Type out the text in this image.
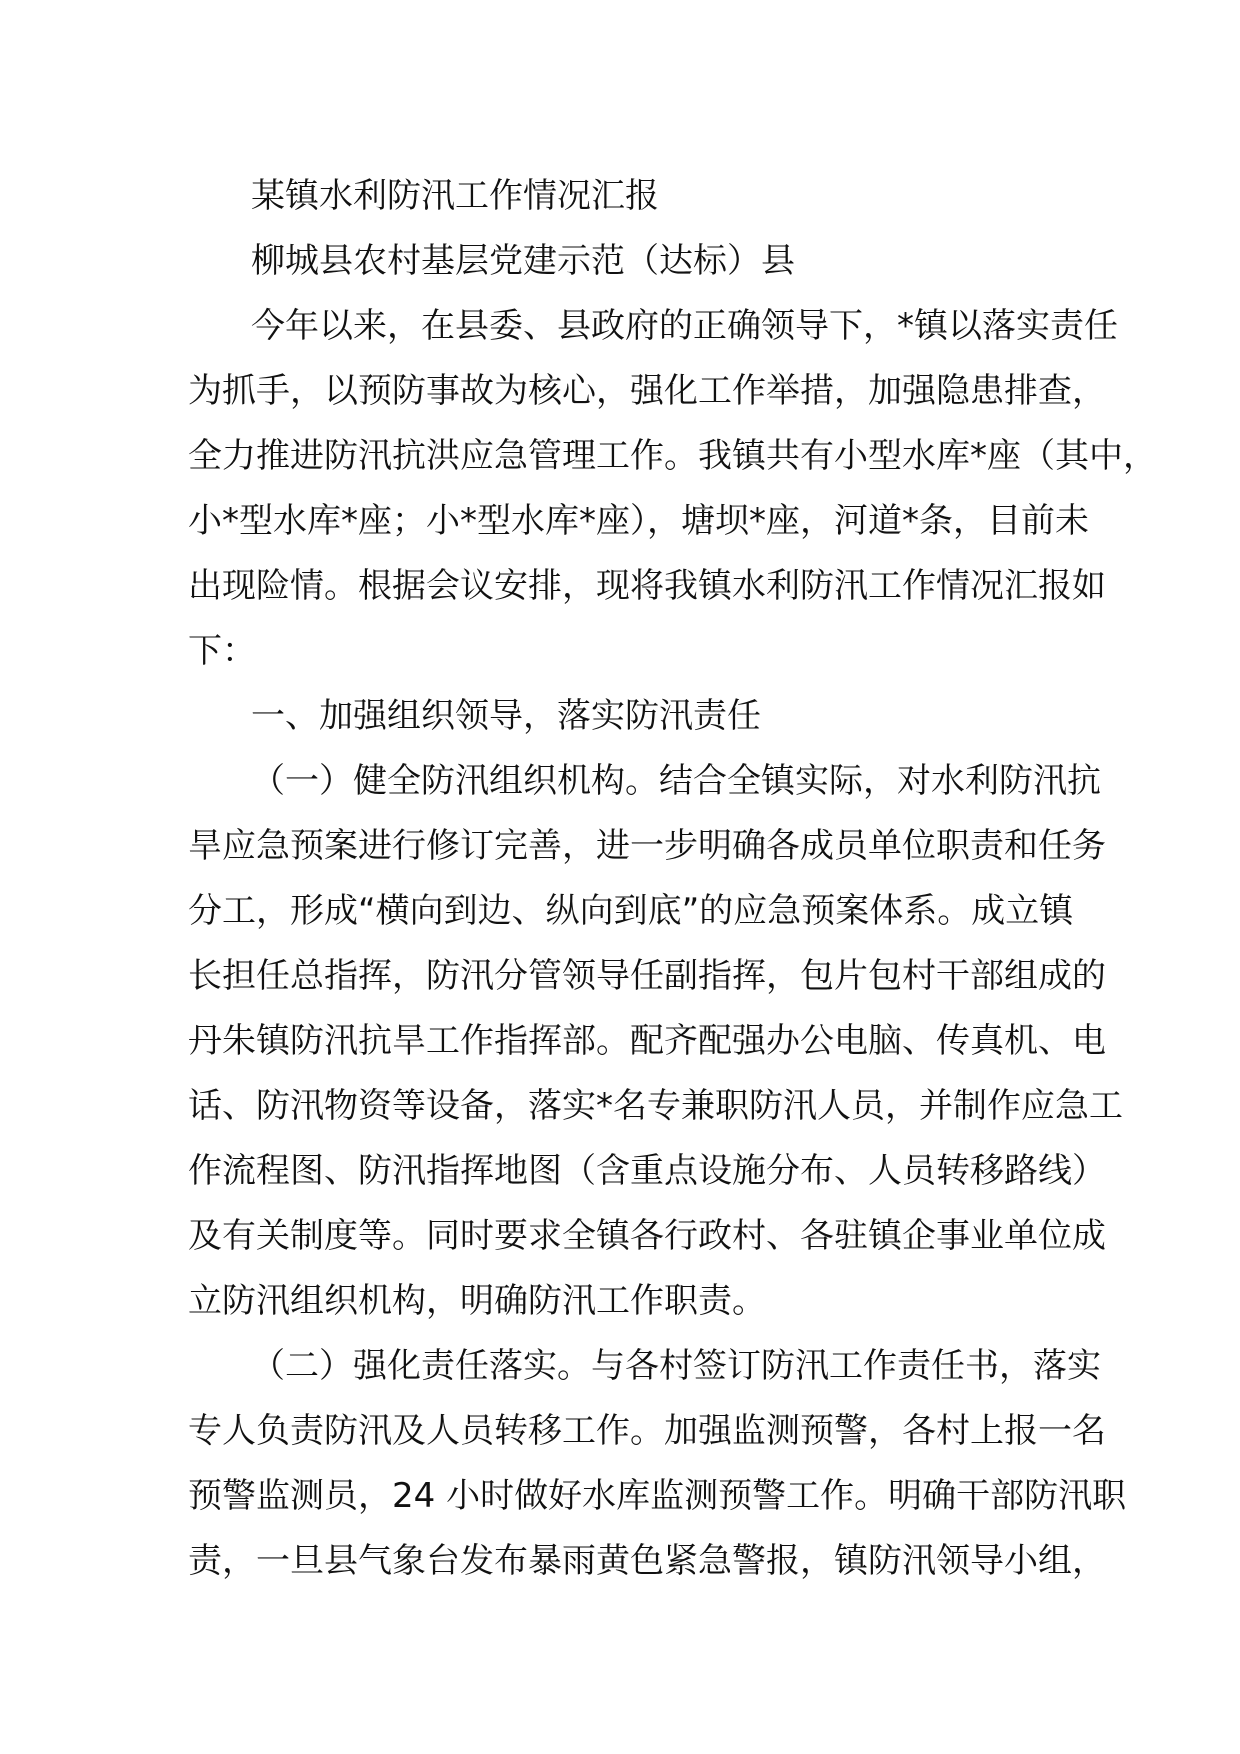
某镇水利防汛工作情况汇报
柳城县农村基层党建示范（达标）县
今年以来，在县委、县政府的正确领导下，*镇以落实责任
为抓手，以预防事故为核心，强化工作举措，加强隐患排查，
全力推进防汛抗洪应急管理工作。我镇共有小型水库*座（其中，
小*型水库*座；小*型水库*座），塘坝*座，河道*条，目前未
出现险情。根据会议安排，现将我镇水利防汛工作情况汇报如
下：
一、加强组织领导，落实防汛责任
（一）健全防汛组织机构。结合全镇实际，对水利防汛抗
旱应急预案进行修订完善，进一步明确各成员单位职责和任务
分工，形成“横向到边、纵向到底”的应急预案体系。成立镇
长担任总指挥，防汛分管领导任副指挥，包片包村干部组成的
丹朱镇防汛抗旱工作指挥部。配齐配强办公电脑、传真机、电
话、防汛物资等设备，落实*名专兼职防汛人员，并制作应急工
作流程图、防汛指挥地图（含重点设施分布、人员转移路线）
及有关制度等。同时要求全镇各行政村、各驻镇企事业单位成
立防汛组织机构，明确防汛工作职责。
（二）强化责任落实。与各村签订防汛工作责任书，落实
专人负责防汛及人员转移工作。加强监测预警，各村上报一名
预警监测员，24 小时做好水库监测预警工作。明确干部防汛职
责，一旦县气象台发布暴雨黄色紧急警报，镇防汛领导小组，
